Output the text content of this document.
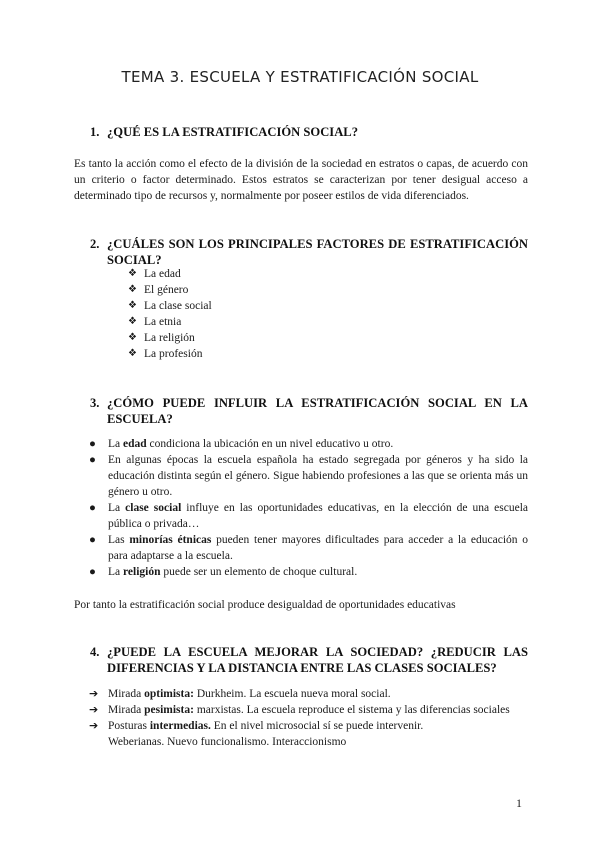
TEMA 3. ESCUELA Y ESTRATIFICACIÓN SOCIAL
1. ¿QUÉ ES LA ESTRATIFICACIÓN SOCIAL?
Es tanto la acción como el efecto de la división de la sociedad en estratos o capas, de acuerdo con un criterio o factor determinado. Estos estratos se caracterizan por tener desigual acceso a determinado tipo de recursos y, normalmente por poseer estilos de vida diferenciados.
2. ¿CUÁLES SON LOS PRINCIPALES FACTORES DE ESTRATIFICACIÓN SOCIAL?
❖ La edad
❖ El género
❖ La clase social
❖ La etnia
❖ La religión
❖ La profesión
3. ¿CÓMO PUEDE INFLUIR LA ESTRATIFICACIÓN SOCIAL EN LA ESCUELA?
● La edad condiciona la ubicación en un nivel educativo u otro.
● En algunas épocas la escuela española ha estado segregada por géneros y ha sido la educación distinta según el género. Sigue habiendo profesiones a las que se orienta más un género u otro.
● La clase social influye en las oportunidades educativas, en la elección de una escuela pública o privada…
● Las minorías étnicas pueden tener mayores dificultades para acceder a la educación o para adaptarse a la escuela.
● La religión puede ser un elemento de choque cultural.
Por tanto la estratificación social produce desigualdad de oportunidades educativas
4. ¿PUEDE LA ESCUELA MEJORAR LA SOCIEDAD? ¿REDUCIR LAS DIFERENCIAS Y LA DISTANCIA ENTRE LAS CLASES SOCIALES?
➔ Mirada optimista: Durkheim. La escuela nueva moral social.
➔ Mirada pesimista: marxistas. La escuela reproduce el sistema y las diferencias sociales
➔ Posturas intermedias. En el nivel microsocial sí se puede intervenir.
Weberianas. Nuevo funcionalismo. Interaccionismo
1
